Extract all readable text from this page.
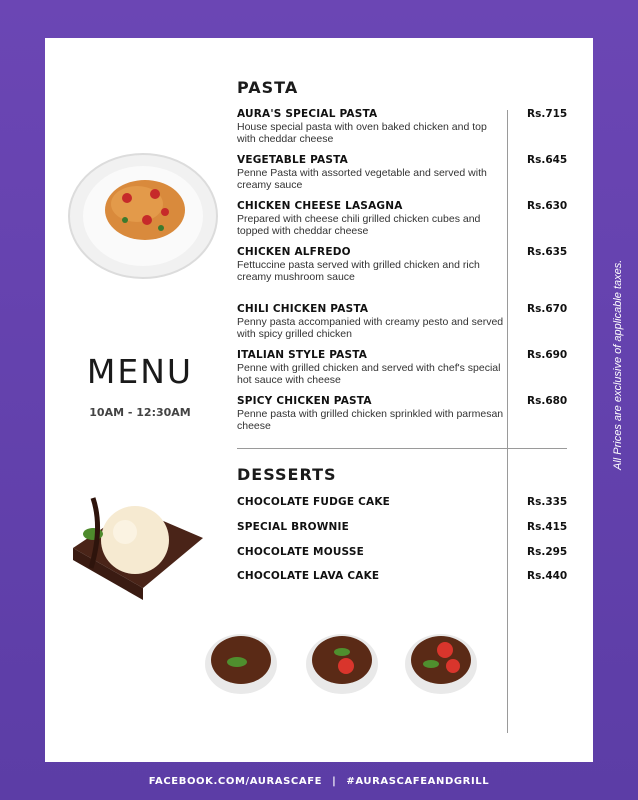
MENU
10AM - 12:30AM
PASTA
AURA'S SPECIAL PASTA
House special pasta with oven baked chicken and top with cheddar cheese
Rs.715
VEGETABLE PASTA
Penne Pasta with assorted vegetable and served with creamy sauce
Rs.645
CHICKEN CHEESE LASAGNA
Prepared with cheese chili grilled chicken cubes and topped with cheddar cheese
Rs.630
CHICKEN ALFREDO
Fettuccine pasta served with grilled chicken and rich creamy mushroom sauce
Rs.635
CHILI CHICKEN PASTA
Penny pasta accompanied with creamy pesto and served with spicy grilled chicken
Rs.670
ITALIAN STYLE PASTA
Penne with grilled chicken and served with chef's special hot sauce with cheese
Rs.690
SPICY CHICKEN PASTA
Penne pasta with grilled chicken sprinkled with parmesan cheese
Rs.680
DESSERTS
CHOCOLATE FUDGE CAKE	Rs.335
SPECIAL BROWNIE	Rs.415
CHOCOLATE MOUSSE	Rs.295
CHOCOLATE LAVA CAKE	Rs.440
All Prices are exclusive of applicable taxes.
FACEBOOK.COM/AURASCAFE | #AURASCAFEANDGRILL
